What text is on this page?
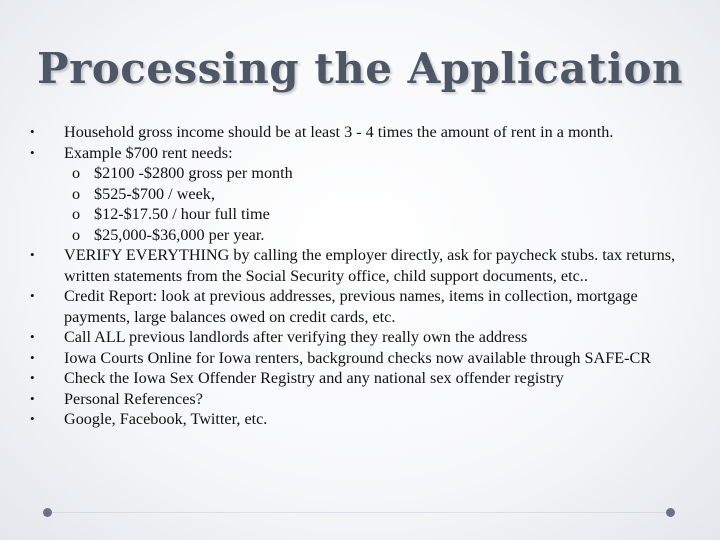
Processing the Application
•	Household gross income should be at least 3 - 4 times the amount of rent in a month.
•	Example $700 rent needs:
o $2100 -$2800 gross per month
o $525-$700 / week,
o $12-$17.50 / hour full time
o $25,000-$36,000 per year.
•	VERIFY EVERYTHING by calling the employer directly, ask for paycheck stubs. tax returns, written statements from the Social Security office, child support documents, etc..
•	Credit Report: look at previous addresses, previous names, items in collection, mortgage payments, large balances owed on credit cards, etc.
•	Call ALL previous landlords after verifying they really own the address
•	Iowa Courts Online for Iowa renters, background checks now available through SAFE-CR
•	Check the Iowa Sex Offender Registry and any national sex offender registry
•	Personal References?
•	Google, Facebook, Twitter, etc.
